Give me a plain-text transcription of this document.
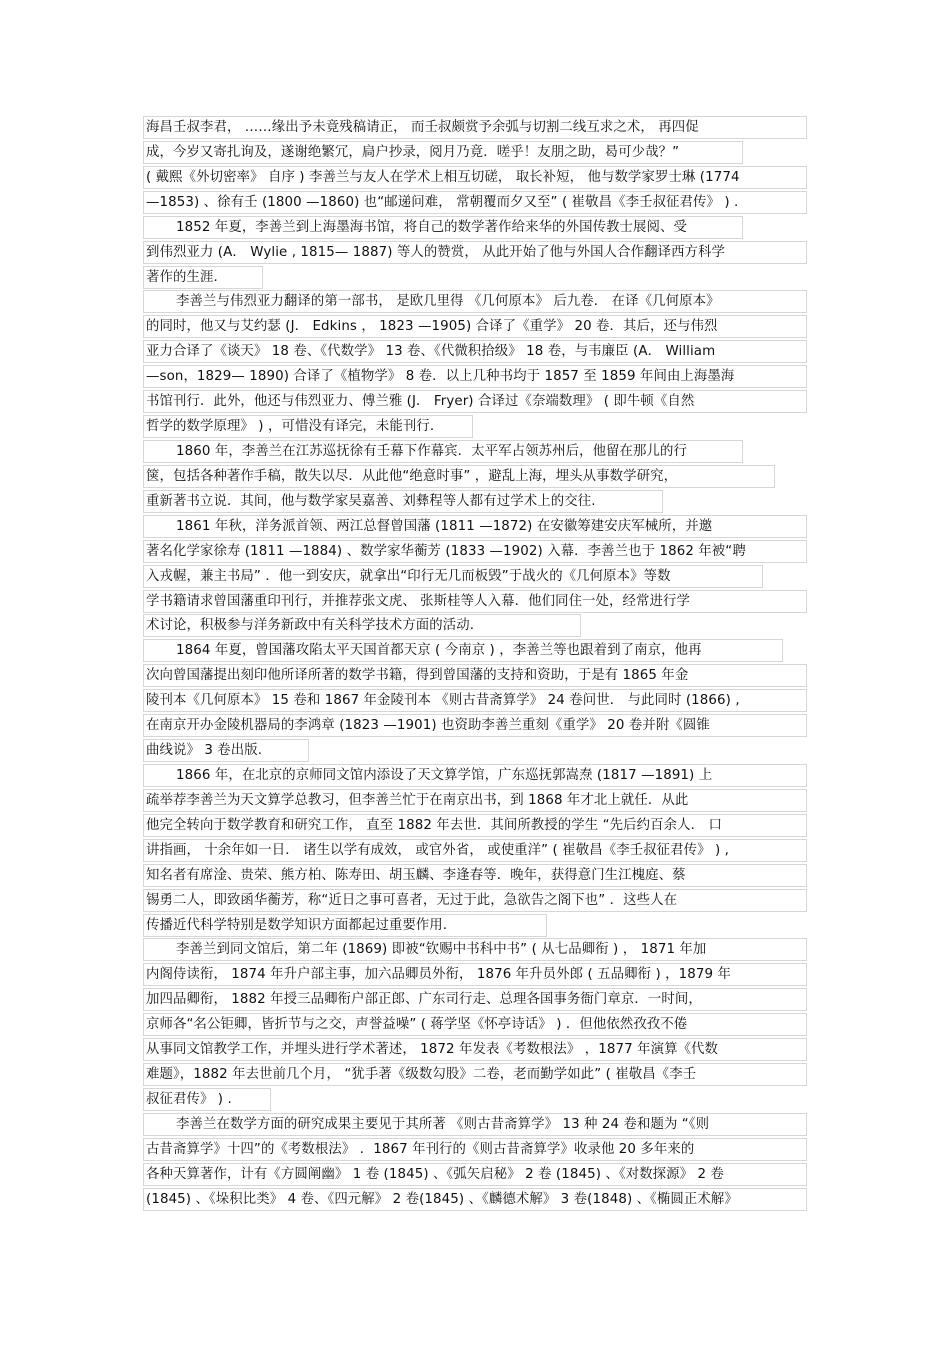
海昌壬叔李君， ……缘出予未竟残稿请正， 而壬叔颇赏予余弧与切割二线互求之术， 再四促
成，今岁又寄扎询及，遂谢绝繁冗，扃户抄录，阅月乃竟．嗟乎！友朋之助，曷可少哉？”
( 戴熙《外切密率》 自序 ) 李善兰与友人在学术上相互切磋， 取长补短， 他与数学家罗士琳 (1774
—1853) 、徐有壬 (1800 —1860) 也“邮递问难， 常朝覆而夕又至” ( 崔敬昌《李壬叔征君传》 ) .
1852 年夏，李善兰到上海墨海书馆，将自己的数学著作给来华的外国传教士展阅、受
到伟烈亚力 (A． Wylie , 1815— 1887) 等人的赞赏， 从此开始了他与外国人合作翻译西方科学
著作的生涯.
李善兰与伟烈亚力翻译的第一部书， 是欧几里得 《几何原本》 后九卷． 在译《几何原本》
的同时，他又与艾约瑟 (J． Edkins ， 1823 —1905) 合译了《重学》 20 卷．其后，还与伟烈
亚力合译了《谈天》 18 卷、《代数学》 13 卷、《代微积拾级》 18 卷，与韦廉臣 (A． William
—son，1829— 1890) 合译了《植物学》 8 卷．以上几种书均于 1857 至 1859 年间由上海墨海
书馆刊行．此外，他还与伟烈亚力、傅兰雅 (J． Fryer) 合译过《奈端数理》 ( 即牛顿《自然
哲学的数学原理》 ) ，可惜没有译完，未能刊行.
1860 年，李善兰在江苏巡抚徐有壬幕下作幕宾．太平军占领苏州后，他留在那儿的行
箧，包括各种著作手稿，散失以尽．从此他“绝意时事” ，避乱上海，埋头从事数学研究，
重新著书立说．其间，他与数学家吴嘉善、刘彝程等人都有过学术上的交往.
1861 年秋，洋务派首领、两江总督曾国藩 (1811 —1872) 在安徽筹建安庆军械所，并邀
著名化学家徐寿 (1811 —1884) 、数学家华蘅芳 (1833 —1902) 入幕．李善兰也于 1862 年被“聘
入戎幄，兼主书局” ．他一到安庆，就拿出“印行无几而板毁”于战火的《几何原本》等数
学书籍请求曾国藩重印刊行，并推荐张文虎、 张斯桂等人入幕．他们同住一处，经常进行学
术讨论，积极参与洋务新政中有关科学技术方面的活动.
1864 年夏，曾国藩攻陷太平天国首都天京 ( 今南京 ) ，李善兰等也跟着到了南京，他再
次向曾国藩提出刻印他所译所著的数学书籍，得到曾国藩的支持和资助，于是有 1865 年金
陵刊本《几何原本》 15 卷和 1867 年金陵刊本 《则古昔斋算学》 24 卷问世． 与此同时 (1866) ,
在南京开办金陵机器局的李鸿章 (1823 —1901) 也资助李善兰重刻《重学》 20 卷并附《圆锥
曲线说》 3 卷出版.
1866 年，在北京的京师同文馆内添设了天文算学馆，广东巡抚郭嵩焘 (1817 —1891) 上
疏举荐李善兰为天文算学总教习，但李善兰忙于在南京出书，到 1868 年才北上就任．从此
他完全转向于数学教育和研究工作， 直至 1882 年去世．其间所教授的学生 “先后约百余人． 口
讲指画， 十余年如一日． 诸生以学有成效， 或官外省， 或使重洋” ( 崔敬昌《李壬叔征君传》 ) ,
知名者有席淦、贵荣、熊方柏、陈寿田、胡玉麟、李逢春等．晚年，获得意门生江槐庭、蔡
锡勇二人，即致函华蘅芳，称“近日之事可喜者，无过于此，急欲告之阁下也” ．这些人在
传播近代科学特别是数学知识方面都起过重要作用.
李善兰到同文馆后，第二年 (1869) 即被“钦赐中书科中书” ( 从七品卿衔 ) ， 1871 年加
内阁侍读衔， 1874 年升户部主事，加六品卿员外衔， 1876 年升员外郎 ( 五品卿衔 ) ，1879 年
加四品卿衔， 1882 年授三品卿衔户部正郎、广东司行走、总理各国事务衙门章京．一时间，
京师各“名公钜卿，皆折节与之交，声誉益噪” ( 蒋学坚《怀亭诗话》 ) ．但他依然孜孜不倦
从事同文馆教学工作，并埋头进行学术著述， 1872 年发表《考数根法》 ，1877 年演算《代数
难题》，1882 年去世前几个月， “犹手著《级数勾股》二卷，老而勤学如此” ( 崔敬昌《李壬
叔征君传》 ) .
李善兰在数学方面的研究成果主要见于其所著 《则古昔斋算学》 13 种 24 卷和题为 “《则
古昔斋算学》十四”的《考数根法》 ．1867 年刊行的《则古昔斋算学》收录他 20 多年来的
各种天算著作，计有《方圆阐幽》 1 卷 (1845) 、《弧矢启秘》 2 卷 (1845) 、《对数探源》 2 卷
(1845) 、《垛积比类》 4 卷、《四元解》 2 卷(1845) 、《麟德术解》 3 卷(1848) 、《椭圆正术解》
